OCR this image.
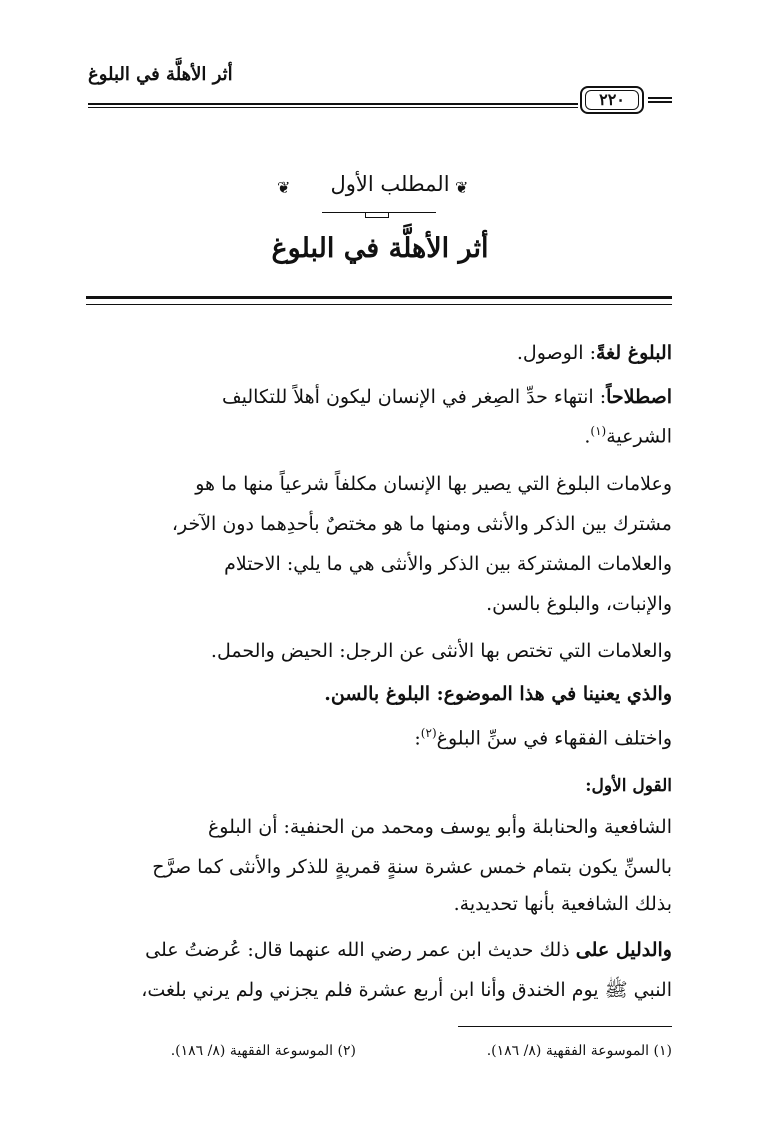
أثر الأهلَّة في البلوغ
٢٢٠
❦
المطلب الأول
❦
أثر الأهلَّة في البلوغ
البلوغ لغةً: الوصول.
اصطلاحاً: انتهاء حدِّ الصِغر في الإنسان ليكون أهلاً للتكاليف
الشرعية$^{(١)}$.
وعلامات البلوغ التي يصير بها الإنسان مكلفاً شرعياً منها ما هو
مشترك بين الذكر والأنثى ومنها ما هو مختصٌ بأحدِهما دون الآخر،
والعلامات المشتركة بين الذكر والأنثى هي ما يلي: الاحتلام
والإنبات، والبلوغ بالسن.
والعلامات التي تختص بها الأنثى عن الرجل: الحيض والحمل.
والذي يعنينا في هذا الموضوع: البلوغ بالسن.
واختلف الفقهاء في سنِّ البلوغ$^{(٢)}$:
القول الأول:
الشافعية والحنابلة وأبو يوسف ومحمد من الحنفية: أن البلوغ
بالسنِّ يكون بتمام خمس عشرة سنةٍ قمريةٍ للذكر والأنثى كما صرَّح
بذلك الشافعية بأنها تحديدية.
والدليل على ذلك حديث ابن عمر رضي الله عنهما قال: عُرضتُ على
النبي ﷺ يوم الخندق وأنا ابن أربع عشرة فلم يجزني ولم يرني بلغت،
(١) الموسوعة الفقهية (٨/ ١٨٦).
(٢) الموسوعة الفقهية (٨/ ١٨٦).
